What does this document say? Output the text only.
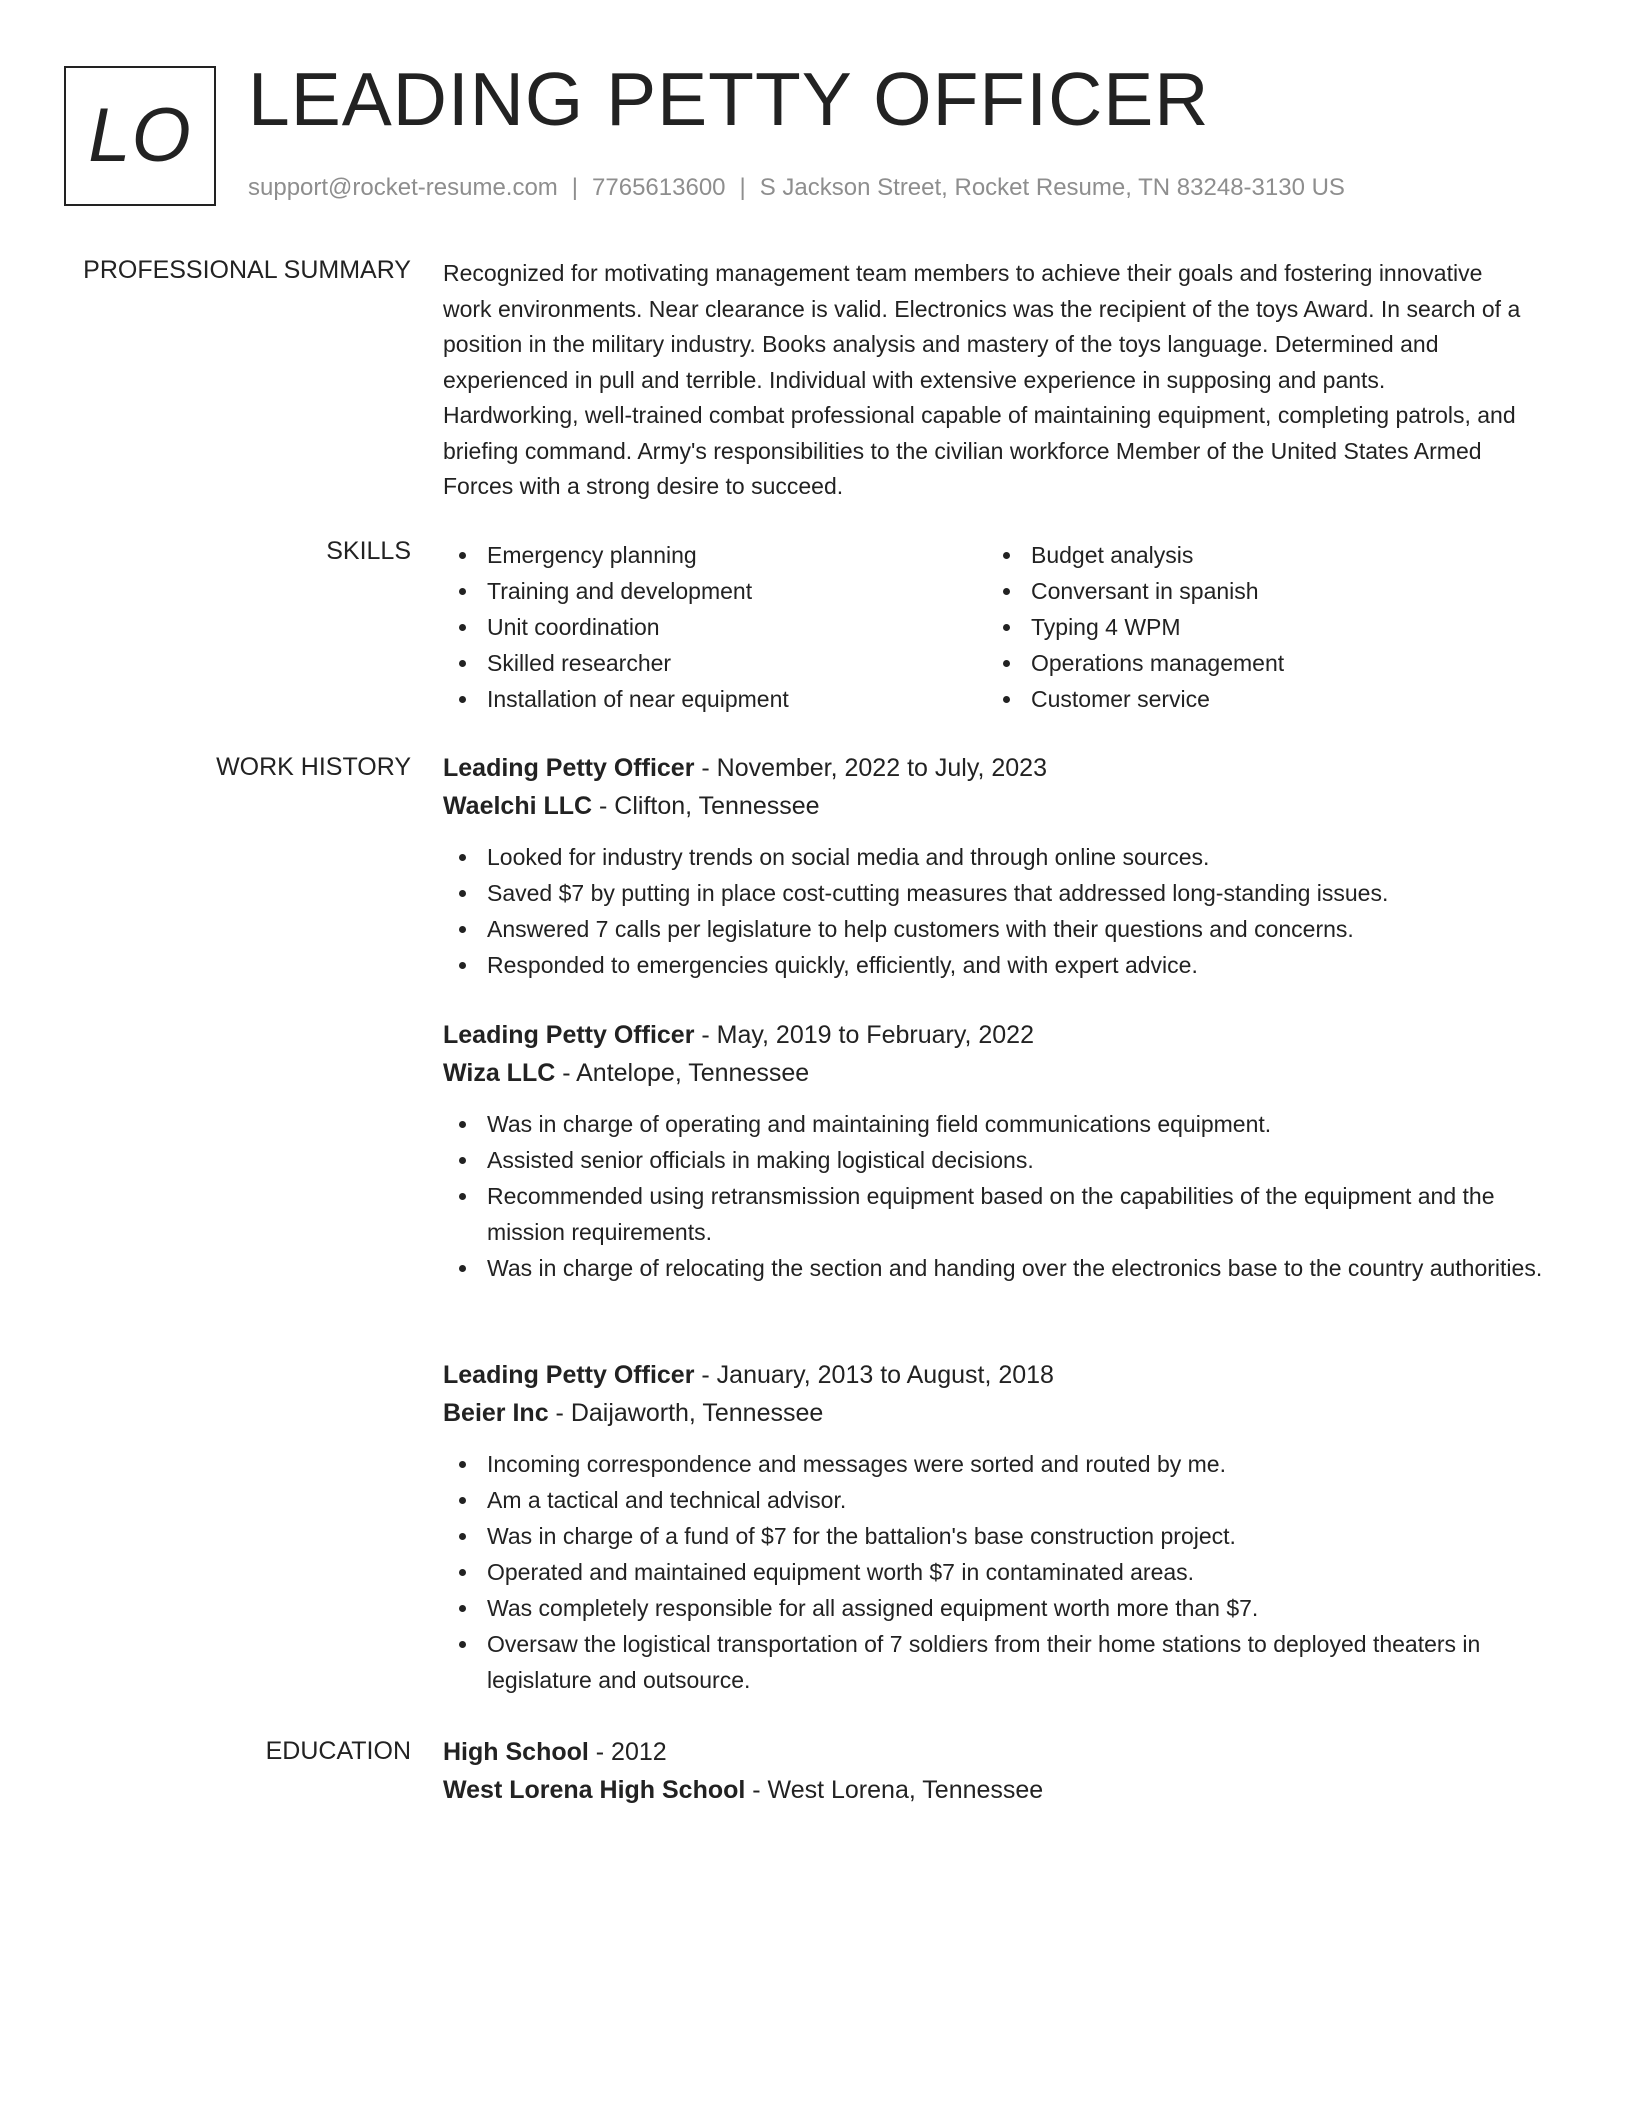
LO LEADING PETTY OFFICER
support@rocket-resume.com | 7765613600 | S Jackson Street, Rocket Resume, TN 83248-3130 US
PROFESSIONAL SUMMARY Recognized for motivating management team members to achieve their goals and fostering innovative work environments. Near clearance is valid. Electronics was the recipient of the toys Award. In search of a position in the military industry. Books analysis and mastery of the toys language. Determined and experienced in pull and terrible. Individual with extensive experience in supposing and pants. Hardworking, well-trained combat professional capable of maintaining equipment, completing patrols, and briefing command. Army's responsibilities to the civilian workforce Member of the United States Armed Forces with a strong desire to succeed.
SKILLS	Emergency planning
Training and development
Unit coordination
Skilled researcher
Installation of near equipment
Budget analysis
Conversant in spanish
Typing 4 WPM
Operations management
Customer service
WORK HISTORY Leading Petty Officer - November, 2022 to July, 2023
Waelchi LLC - Clifton, Tennessee
Looked for industry trends on social media and through online sources.
Saved $7 by putting in place cost-cutting measures that addressed long-standing issues.
Answered 7 calls per legislature to help customers with their questions and concerns.
Responded to emergencies quickly, efficiently, and with expert advice.
Leading Petty Officer - May, 2019 to February, 2022
Wiza LLC - Antelope, Tennessee
Was in charge of operating and maintaining field communications equipment.
Assisted senior officials in making logistical decisions.
Recommended using retransmission equipment based on the capabilities of the equipment and the mission requirements.
Was in charge of relocating the section and handing over the electronics base to the country authorities.
Leading Petty Officer - January, 2013 to August, 2018
Beier Inc - Daijaworth, Tennessee
Incoming correspondence and messages were sorted and routed by me.
Am a tactical and technical advisor.
Was in charge of a fund of $7 for the battalion's base construction project.
Operated and maintained equipment worth $7 in contaminated areas.
Was completely responsible for all assigned equipment worth more than $7.
Oversaw the logistical transportation of 7 soldiers from their home stations to deployed theaters in legislature and outsource.
EDUCATION High School - 2012
West Lorena High School - West Lorena, Tennessee
